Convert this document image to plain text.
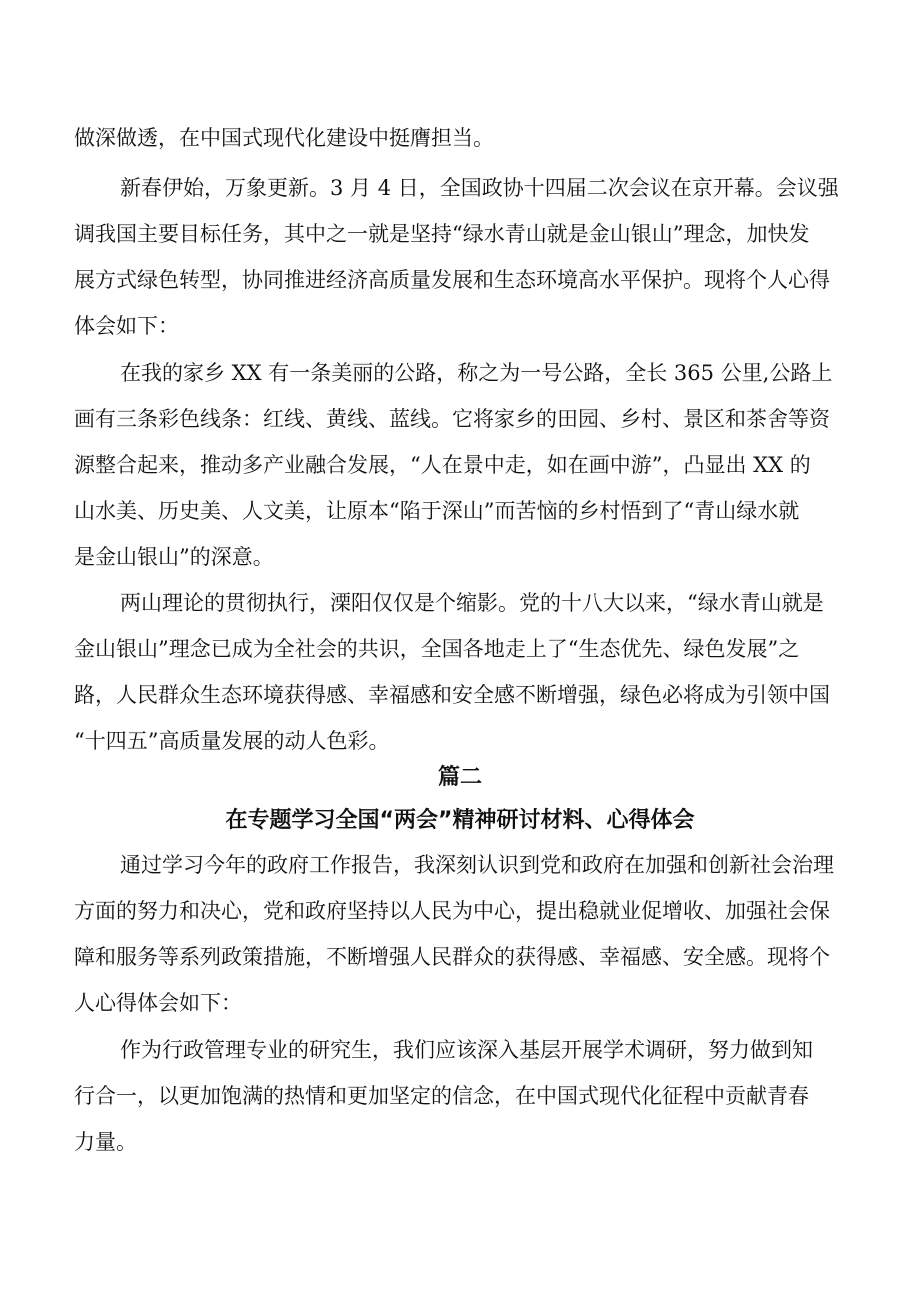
做深做透，在中国式现代化建设中挺膺担当。
新春伊始，万象更新。3 月 4 日，全国政协十四届二次会议在京开幕。会议强
调我国主要目标任务，其中之一就是坚持“绿水青山就是金山银山”理念，加快发
展方式绿色转型，协同推进经济高质量发展和生态环境高水平保护。现将个人心得
体会如下：
在我的家乡 XX 有一条美丽的公路，称之为一号公路，全长 365 公里,公路上
画有三条彩色线条：红线、黄线、蓝线。它将家乡的田园、乡村、景区和茶舍等资
源整合起来，推动多产业融合发展，“人在景中走，如在画中游”，凸显出 XX 的
山水美、历史美、人文美，让原本“陷于深山”而苦恼的乡村悟到了“青山绿水就
是金山银山”的深意。
两山理论的贯彻执行，溧阳仅仅是个缩影。党的十八大以来，“绿水青山就是
金山银山”理念已成为全社会的共识，全国各地走上了“生态优先、绿色发展”之
路，人民群众生态环境获得感、幸福感和安全感不断增强，绿色必将成为引领中国
“十四五”高质量发展的动人色彩。
篇二
在专题学习全国“两会”精神研讨材料、心得体会
通过学习今年的政府工作报告，我深刻认识到党和政府在加强和创新社会治理
方面的努力和决心，党和政府坚持以人民为中心，提出稳就业促增收、加强社会保
障和服务等系列政策措施，不断增强人民群众的获得感、幸福感、安全感。现将个
人心得体会如下：
作为行政管理专业的研究生，我们应该深入基层开展学术调研，努力做到知
行合一，以更加饱满的热情和更加坚定的信念，在中国式现代化征程中贡献青春
力量。
